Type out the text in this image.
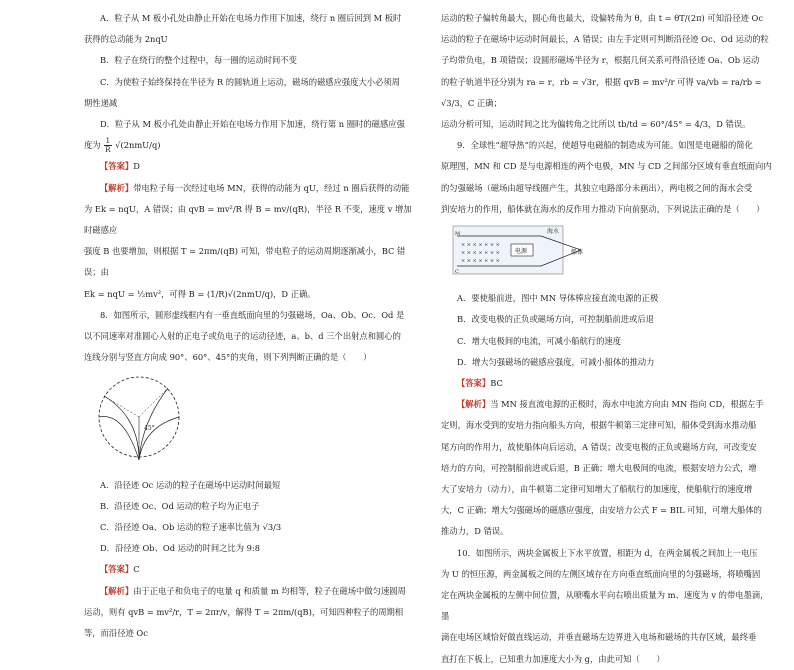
A．粒子从 M 板小孔处由静止开始在电场力作用下加速，绕行 n 圈后回到 M 板时

获得的总动能为 2nqU

B．粒子在绕行的整个过程中，每一圈的运动时间不变

C．为使粒子始终保持在半径为 R 的圆轨道上运动，磁场的磁感应强度大小必须周

期性递减

D．粒子从 M 板小孔处由静止开始在电场力作用下加速，绕行第 n 圈时的磁感应强

度为 $\frac{1}{R} √(2nmU/q)$

【答案】D

【解析】带电粒子每一次经过电场 MN，获得的动能为 qU，经过 n 圈后获得的动能

为 Ek = nqU，A 错误；由 qvB = mv²/R 得 B = mv/(qR)，半径 R 不变，速度 v 增加时磁感应

强度 B 也要增加，则根据 T = 2πm/(qB) 可知，带电粒子的运动周期逐渐减小，BC 错误；由

Ek = nqU = ½mv²，可得 B = (1/R)√(2nmU/q)，D 正确。

8．如图所示，圆形虚线框内有一垂直纸面向里的匀强磁场，Oa、Ob、Oc、Od 是

以不同速率对准圆心入射的正电子或负电子的运动径迹，a、b、d 三个出射点和圆心的

连线分别与竖直方向成 90°、60°、45°的夹角，则下列判断正确的是（　　）

45°

A．沿径迹 Oc 运动的粒子在磁场中运动时间最短

B．沿径迹 Oc、Od 运动的粒子均为正电子

C．沿径迹 Oa、Ob 运动的粒子速率比值为 √3/3

D．沿径迹 Ob、Od 运动的时间之比为 9:8

【答案】C

【解析】由于正电子和负电子的电量 q 和质量 m 均相等，粒子在磁场中做匀速圆周

运动，则有 qvB = mv²/r，T = 2πr/v，解得 T = 2πm/(qB)，可知四种粒子的周期相等，而沿径迹 Oc

运动的粒子偏转角最大，圆心角也最大，设偏转角为 θ，由 t = θT/(2π) 可知沿径迹 Oc

运动的粒子在磁场中运动时间最长，A 错误；由左手定则可判断沿径迹 Oc、Od 运动的粒

子均带负电，B 项错误；设圆形磁场半径为 r，根据几何关系可得沿径迹 Oa、Ob 运动

的粒子轨道半径分别为 ra = r，rb = √3r，根据 qvB = mv²/r 可得 va/vb = ra/rb = √3/3，C 正确；

运动分析可知，运动时间之比为偏转角之比所以 tb/td = 60°/45° = 4/3，D 错误。

9．全球性“超导热”的兴起，使超导电磁船的制造成为可能。如图是电磁船的简化

原理图，MN 和 CD 是与电源相连的两个电极，MN 与 CD 之间部分区域有垂直纸面向内

的匀强磁场（磁场由超导线圈产生，其独立电路部分未画出），两电极之间的海水会受

到安培力的作用，船体就在海水的反作用力推动下向前驱动，下列说法正确的是（　　）

× × × × × × ×
× × × × × × ×
× × × × × × ×
电源
海水
船体
M
C

A．要使船前进，图中 MN 导体棒应接直流电源的正极

B．改变电极的正负或磁场方向，可控制船前进或后退

C．增大电极间的电流，可减小船航行的速度

D．增大匀强磁场的磁感应强度，可减小船体的推动力

【答案】BC

【解析】当 MN 接直流电源的正极时，海水中电流方向由 MN 指向 CD，根据左手

定则，海水受到的安培力指向船头方向，根据牛顿第三定律可知，船体受到海水推动船

尾方向的作用力，故使船体向后运动，A 错误；改变电极的正负或磁场方向，可改变安

培力的方向，可控制船前进或后退，B 正确；增大电极间的电流，根据安培力公式，增

大了安培力（动力），由牛顿第二定律可知增大了船航行的加速度，使船航行的速度增

大，C 正确；增大匀强磁场的磁感应强度，由安培力公式 F = BIL 可知，可增大船体的

推动力，D 错误。

10．如图所示，两块金属板上下水平放置，相距为 d，在两金属板之间加上一电压

为 U 的恒压源，两金属板之间的左侧区域存在方向垂直纸面向里的匀强磁场，将喷嘴固

定在两块金属板的左侧中间位置，从喷嘴水平向右喷出质量为 m、速度为 v 的带电墨滴，墨

滴在电场区域恰好做直线运动，并垂直磁场左边界进入电场和磁场的共存区域，最终垂

直打在下板上，已知重力加速度大小为 g，由此可知（　　）
